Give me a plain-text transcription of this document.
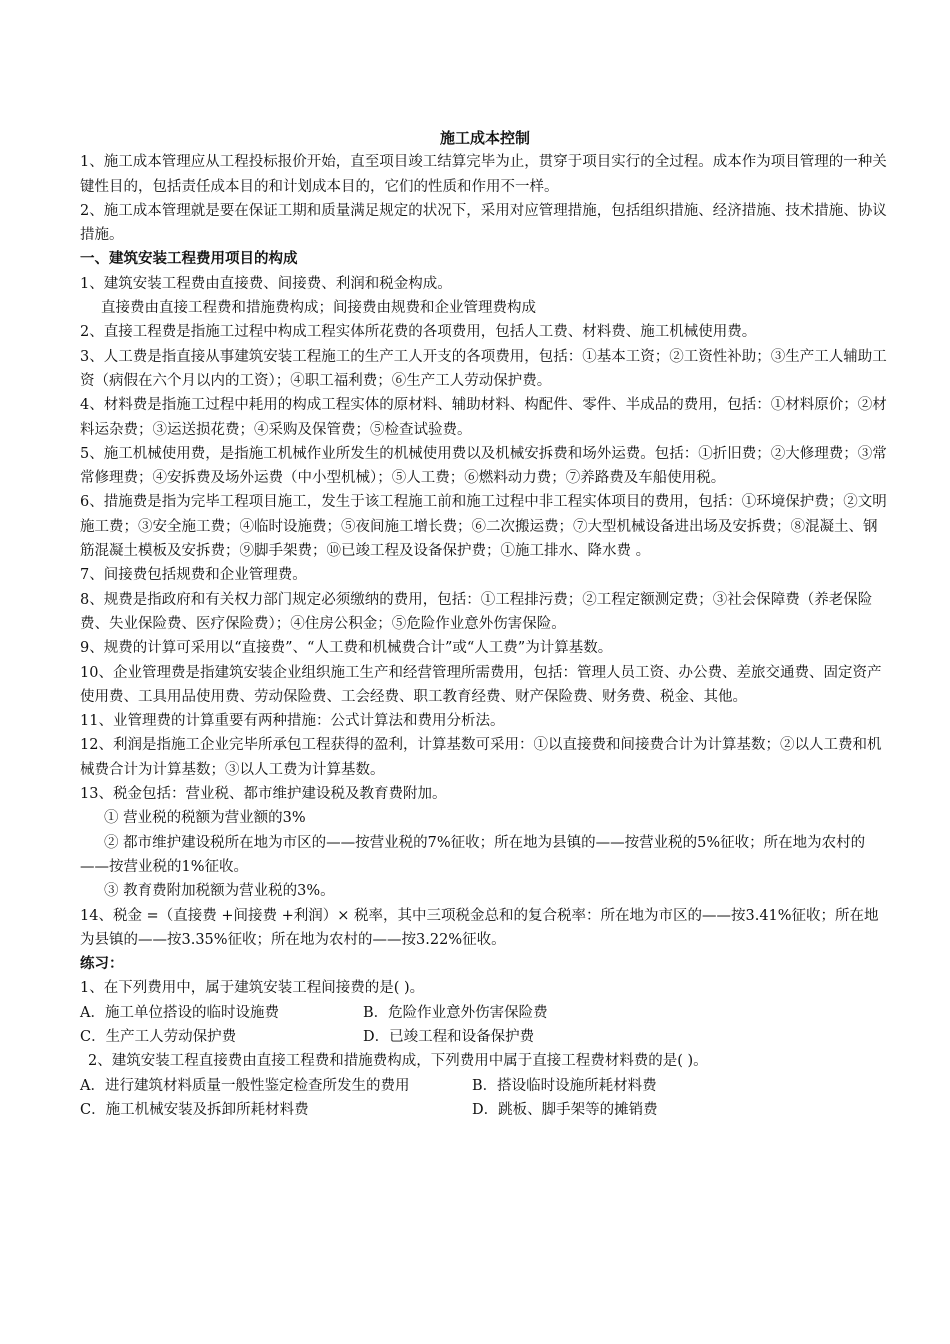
施工成本控制

1、施工成本管理应从工程投标报价开始，直至项目竣工结算完毕为止，贯穿于项目实行的全过程。成本作为项目管理的一种关键性目的，包括责任成本目的和计划成本目的，它们的性质和作用不一样。

2、施工成本管理就是要在保证工期和质量满足规定的状况下，采用对应管理措施，包括组织措施、经济措施、技术措施、协议措施。

一、建筑安装工程费用项目的构成

1、建筑安装工程费由直接费、间接费、利润和税金构成。

直接费由直接工程费和措施费构成；间接费由规费和企业管理费构成

2、直接工程费是指施工过程中构成工程实体所花费的各项费用，包括人工费、材料费、施工机械使用费。

3、人工费是指直接从事建筑安装工程施工的生产工人开支的各项费用，包括：①基本工资；②工资性补助；③生产工人辅助工资（病假在六个月以内的工资）；④职工福利费；⑥生产工人劳动保护费。

4、材料费是指施工过程中耗用的构成工程实体的原材料、辅助材料、构配件、零件、半成品的费用，包括：①材料原价；②材料运杂费；③运送损花费；④采购及保管费；⑤检查试验费。

5、施工机械使用费，是指施工机械作业所发生的机械使用费以及机械安拆费和场外运费。包括：①折旧费；②大修理费；③常常修理费；④安拆费及场外运费（中小型机械）；⑤人工费；⑥燃料动力费；⑦养路费及车船使用税。

6、措施费是指为完毕工程项目施工，发生于该工程施工前和施工过程中非工程实体项目的费用，包括：①环境保护费；②文明施工费；③安全施工费；④临时设施费；⑤夜间施工增长费；⑥二次搬运费；⑦大型机械设备进出场及安拆费；⑧混凝土、钢筋混凝土模板及安拆费；⑨脚手架费；⑩已竣工程及设备保护费；①施工排水、降水费 。

7、间接费包括规费和企业管理费。

8、规费是指政府和有关权力部门规定必须缴纳的费用，包括：①工程排污费；②工程定额测定费；③社会保障费（养老保险费、失业保险费、医疗保险费）；④住房公积金；⑤危险作业意外伤害保险。

9、规费的计算可采用以“直接费”、“人工费和机械费合计”或“人工费”为计算基数。

10、企业管理费是指建筑安装企业组织施工生产和经营管理所需费用，包括：管理人员工资、办公费、差旅交通费、固定资产使用费、工具用品使用费、劳动保险费、工会经费、职工教育经费、财产保险费、财务费、税金、其他。

11、业管理费的计算重要有两种措施：公式计算法和费用分析法。

12、利润是指施工企业完毕所承包工程获得的盈利，计算基数可采用：①以直接费和间接费合计为计算基数；②以人工费和机械费合计为计算基数；③以人工费为计算基数。

13、税金包括：营业税、都市维护建设税及教育费附加。

① 营业税的税额为营业额的3%

② 都市维护建设税所在地为市区的——按营业税的7%征收；所在地为县镇的——按营业税的5%征收；所在地为农村的——按营业税的1%征收。

③ 教育费附加税额为营业税的3%。

14、税金 =（直接费 +间接费 +利润）× 税率，其中三项税金总和的复合税率：所在地为市区的——按3.41%征收；所在地为县镇的——按3.35%征收；所在地为农村的——按3.22%征收。

练习：

1、在下列费用中，属于建筑安装工程间接费的是( )。

A．施工单位搭设的临时设施费	B．危险作业意外伤害保险费
C．生产工人劳动保护费	D．已竣工程和设备保护费

2、建筑安装工程直接费由直接工程费和措施费构成，下列费用中属于直接工程费材料费的是( )。

A．进行建筑材料质量一般性鉴定检查所发生的费用	B．搭设临时设施所耗材料费
C．施工机械安装及拆卸所耗材料费	D．跳板、脚手架等的摊销费
